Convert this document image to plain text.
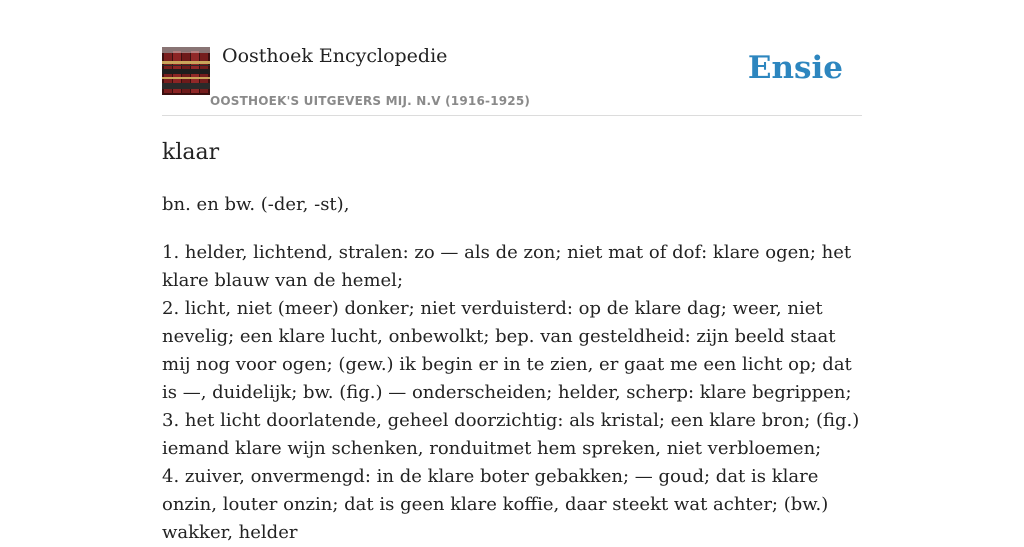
Oosthoek Encyclopedie
OOSTHOEK'S UITGEVERS MIJ. N.V (1916-1925)
Ensie
klaar
bn. en bw. (-der, -st),
1. helder, lichtend, stralen: zo — als de zon; niet mat of dof: klare ogen; het klare blauw van de hemel;
2. licht, niet (meer) donker; niet verduisterd: op de klare dag; weer, niet nevelig; een klare lucht, onbewolkt; bep. van gesteldheid: zijn beeld staat mij nog voor ogen; (gew.) ik begin er in te zien, er gaat me een licht op; dat is —, duidelijk; bw. (fig.) — onderscheiden; helder, scherp: klare begrippen;
3. het licht doorlatende, geheel doorzichtig: als kristal; een klare bron; (fig.) iemand klare wijn schenken, ronduitmet hem spreken, niet verbloemen;
4. zuiver, onvermengd: in de klare boter gebakken; — goud; dat is klare onzin, louter onzin; dat is geen klare koffie, daar steekt wat achter; (bw.) wakker, helder
